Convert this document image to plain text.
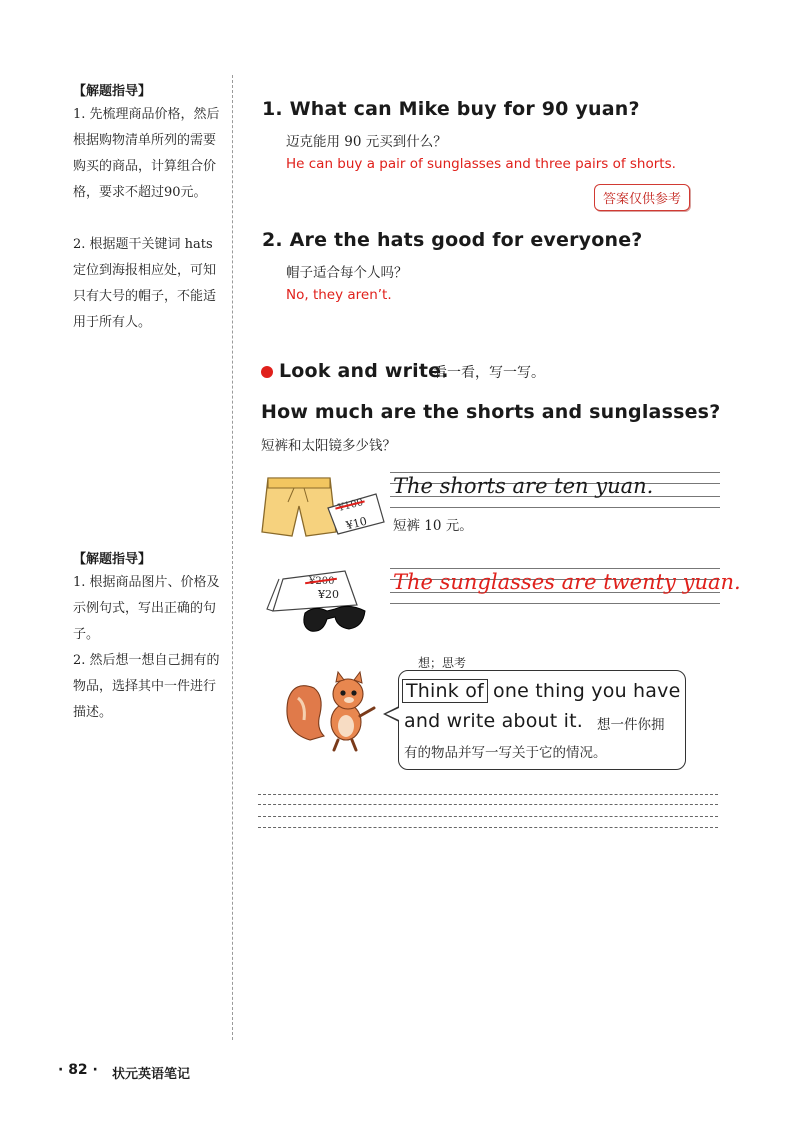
【解题指导】
1. 先梳理商品价格，然后根据购物清单所列的需要购买的商品，计算组合价格，要求不超过90元。
2. 根据题干关键词 hats 定位到海报相应处，可知只有大号的帽子，不能适用于所有人。
【解题指导】
1. 根据商品图片、价格及示例句式，写出正确的句子。
2. 然后想一想自己拥有的物品，选择其中一件进行描述。
1. What can Mike buy for 90 yuan?
迈克能用 90 元买到什么？
He can buy a pair of sunglasses and three pairs of shorts.
答案仅供参考
2. Are the hats good for everyone?
帽子适合每个人吗？
No, they aren’t.
Look and write.
看一看，写一写。
How much are the shorts and sunglasses?
短裤和太阳镜多少钱？
¥100
¥10
The shorts are ten yuan.
短裤 10 元。
¥200
¥20
The sunglasses are twenty yuan.
想；思考
Think of one thing you have
and write about it. 想一件你拥
有的物品并写一写关于它的情况。
· 82 · 状元英语笔记
